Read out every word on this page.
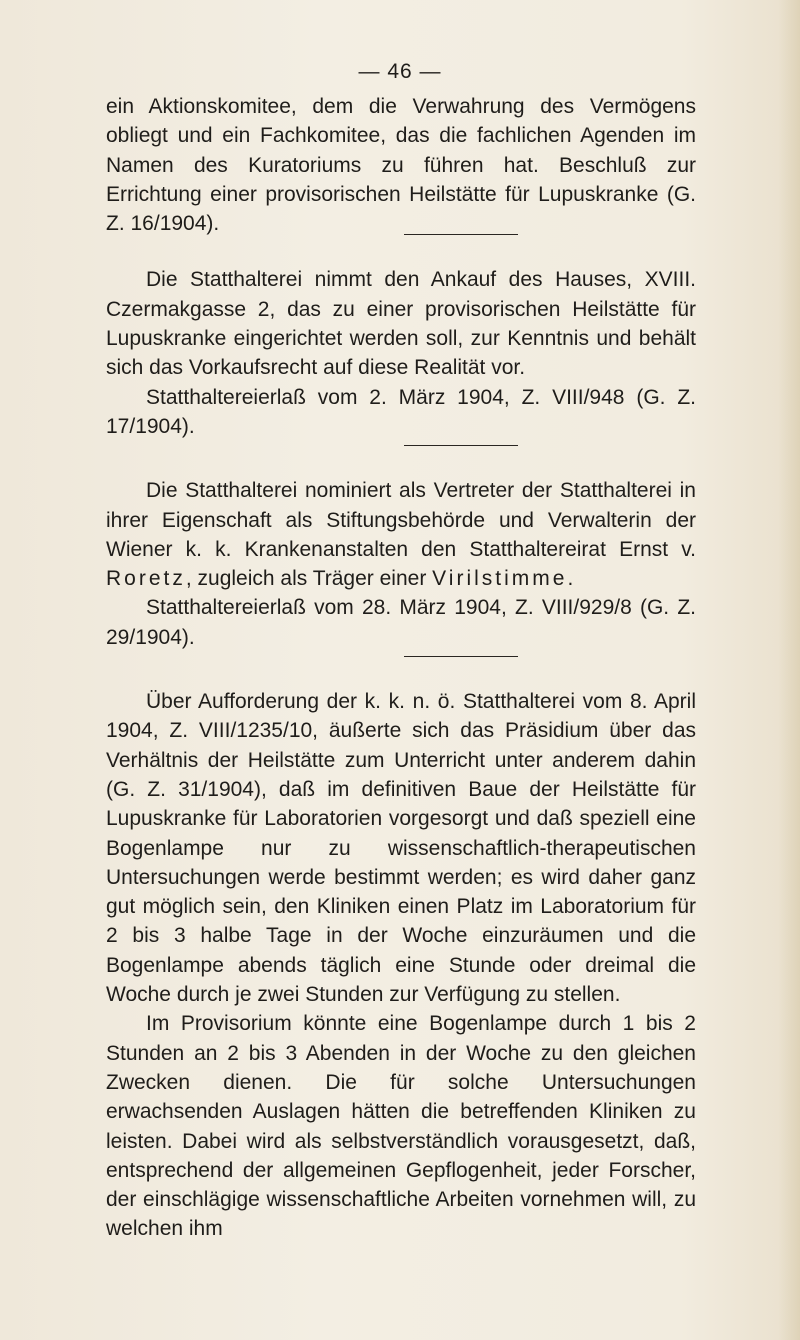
— 46 —

ein Aktionskomitee, dem die Verwahrung des Vermögens obliegt und ein Fachkomitee, das die fachlichen Agenden im Namen des Kuratoriums zu führen hat. Beschluß zur Errichtung einer provisorischen Heilstätte für Lupuskranke (G. Z. 16/1904).

Die Statthalterei nimmt den Ankauf des Hauses, XVIII. Czermakgasse 2, das zu einer provisorischen Heilstätte für Lupuskranke eingerichtet werden soll, zur Kenntnis und behält sich das Vorkaufsrecht auf diese Realität vor.

Statthaltereierlaß vom 2. März 1904, Z. VIII/948 (G. Z. 17/1904).

Die Statthalterei nominiert als Vertreter der Statthalterei in ihrer Eigenschaft als Stiftungsbehörde und Verwalterin der Wiener k. k. Krankenanstalten den Statthaltereirat Ernst v. Roretz, zugleich als Träger einer Virilstimme.

Statthaltereierlaß vom 28. März 1904, Z. VIII/929/8 (G. Z. 29/1904).

Über Aufforderung der k. k. n. ö. Statthalterei vom 8. April 1904, Z. VIII/1235/10, äußerte sich das Präsidium über das Verhältnis der Heilstätte zum Unterricht unter anderem dahin (G. Z. 31/1904), daß im definitiven Baue der Heilstätte für Lupuskranke für Laboratorien vorgesorgt und daß speziell eine Bogenlampe nur zu wissenschaftlich-therapeutischen Untersuchungen werde bestimmt werden; es wird daher ganz gut möglich sein, den Kliniken einen Platz im Laboratorium für 2 bis 3 halbe Tage in der Woche einzuräumen und die Bogenlampe abends täglich eine Stunde oder dreimal die Woche durch je zwei Stunden zur Verfügung zu stellen.

Im Provisorium könnte eine Bogenlampe durch 1 bis 2 Stunden an 2 bis 3 Abenden in der Woche zu den gleichen Zwecken dienen. Die für solche Untersuchungen erwachsenden Auslagen hätten die betreffenden Kliniken zu leisten. Dabei wird als selbstverständlich vorausgesetzt, daß, entsprechend der allgemeinen Gepflogenheit, jeder Forscher, der einschlägige wissenschaftliche Arbeiten vornehmen will, zu welchen ihm
